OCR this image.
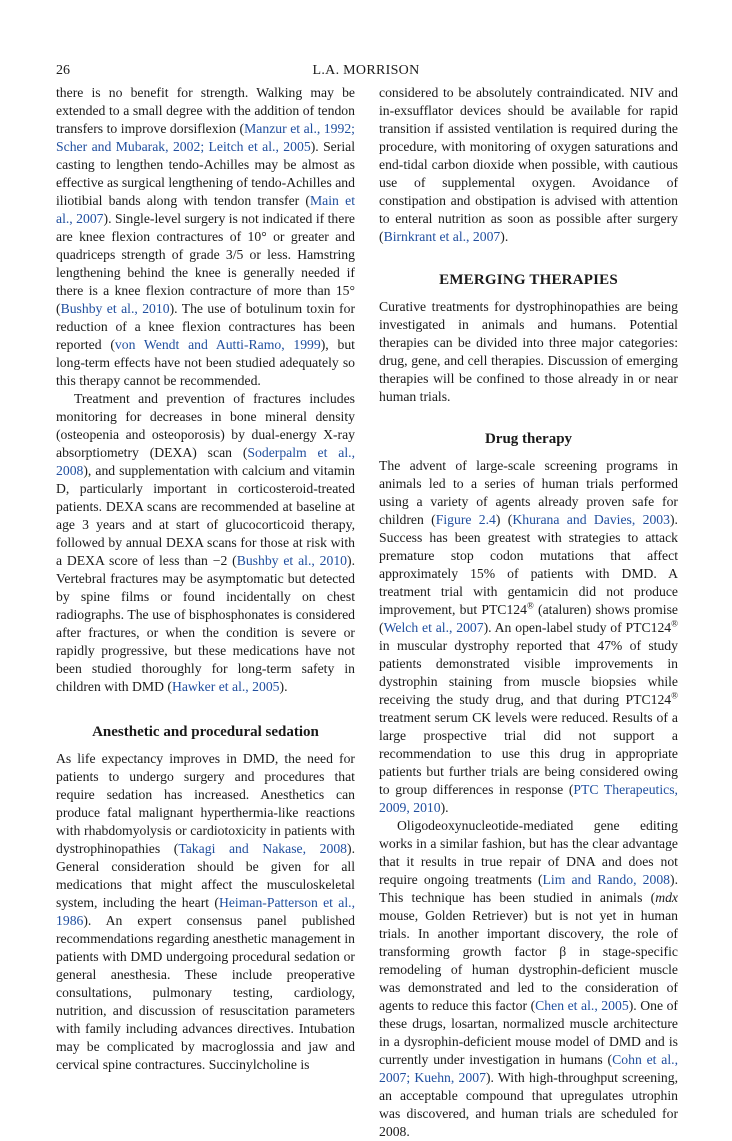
26	L.A. MORRISON

there is no benefit for strength. Walking may be extended to a small degree with the addition of tendon transfers to improve dorsiflexion (Manzur et al., 1992; Scher and Mubarak, 2002; Leitch et al., 2005). Serial casting to lengthen tendo-Achilles may be almost as effective as surgical lengthening of tendo-Achilles and iliotibial bands along with tendon transfer (Main et al., 2007). Single-level surgery is not indicated if there are knee flexion contractures of 10° or greater and quadriceps strength of grade 3/5 or less. Hamstring lengthening behind the knee is generally needed if there is a knee flexion contracture of more than 15° (Bushby et al., 2010). The use of botulinum toxin for reduction of a knee flexion contractures has been reported (von Wendt and Autti-Ramo, 1999), but long-term effects have not been studied adequately so this therapy cannot be recommended.

Treatment and prevention of fractures includes monitoring for decreases in bone mineral density (osteopenia and osteoporosis) by dual-energy X-ray absorptiometry (DEXA) scan (Soderpalm et al., 2008), and supplementation with calcium and vitamin D, particularly important in corticosteroid-treated patients. DEXA scans are recommended at baseline at age 3 years and at start of glucocorticoid therapy, followed by annual DEXA scans for those at risk with a DEXA score of less than −2 (Bushby et al., 2010). Vertebral fractures may be asymptomatic but detected by spine films or found incidentally on chest radiographs. The use of bisphosphonates is considered after fractures, or when the condition is severe or rapidly progressive, but these medications have not been studied thoroughly for long-term safety in children with DMD (Hawker et al., 2005).

Anesthetic and procedural sedation

As life expectancy improves in DMD, the need for patients to undergo surgery and procedures that require sedation has increased. Anesthetics can produce fatal malignant hyperthermia-like reactions with rhabdomyolysis or cardiotoxicity in patients with dystrophinopathies (Takagi and Nakase, 2008). General consideration should be given for all medications that might affect the musculoskeletal system, including the heart (Heiman-Patterson et al., 1986). An expert consensus panel published recommendations regarding anesthetic management in patients with DMD undergoing procedural sedation or general anesthesia. These include preoperative consultations, pulmonary testing, cardiology, nutrition, and discussion of resuscitation parameters with family including advances directives. Intubation may be complicated by macroglossia and jaw and cervical spine contractures. Succinylcholine is

considered to be absolutely contraindicated. NIV and in-exsufflator devices should be available for rapid transition if assisted ventilation is required during the procedure, with monitoring of oxygen saturations and end-tidal carbon dioxide when possible, with cautious use of supplemental oxygen. Avoidance of constipation and obstipation is advised with attention to enteral nutrition as soon as possible after surgery (Birnkrant et al., 2007).

EMERGING THERAPIES

Curative treatments for dystrophinopathies are being investigated in animals and humans. Potential therapies can be divided into three major categories: drug, gene, and cell therapies. Discussion of emerging therapies will be confined to those already in or near human trials.

Drug therapy

The advent of large-scale screening programs in animals led to a series of human trials performed using a variety of agents already proven safe for children (Figure 2.4) (Khurana and Davies, 2003). Success has been greatest with strategies to attack premature stop codon mutations that affect approximately 15% of patients with DMD. A treatment trial with gentamicin did not produce improvement, but PTC124® (ataluren) shows promise (Welch et al., 2007). An open-label study of PTC124® in muscular dystrophy reported that 47% of study patients demonstrated visible improvements in dystrophin staining from muscle biopsies while receiving the study drug, and that during PTC124® treatment serum CK levels were reduced. Results of a large prospective trial did not support a recommendation to use this drug in appropriate patients but further trials are being considered owing to group differences in response (PTC Therapeutics, 2009, 2010).

Oligodeoxynucleotide-mediated gene editing works in a similar fashion, but has the clear advantage that it results in true repair of DNA and does not require ongoing treatments (Lim and Rando, 2008). This technique has been studied in animals (mdx mouse, Golden Retriever) but is not yet in human trials. In another important discovery, the role of transforming growth factor β in stage-specific remodeling of human dystrophin-deficient muscle was demonstrated and led to the consideration of agents to reduce this factor (Chen et al., 2005). One of these drugs, losartan, normalized muscle architecture in a dysrophin-deficient mouse model of DMD and is currently under investigation in humans (Cohn et al., 2007; Kuehn, 2007). With high-throughput screening, an acceptable compound that upregulates utrophin was discovered, and human trials are scheduled for 2008.
